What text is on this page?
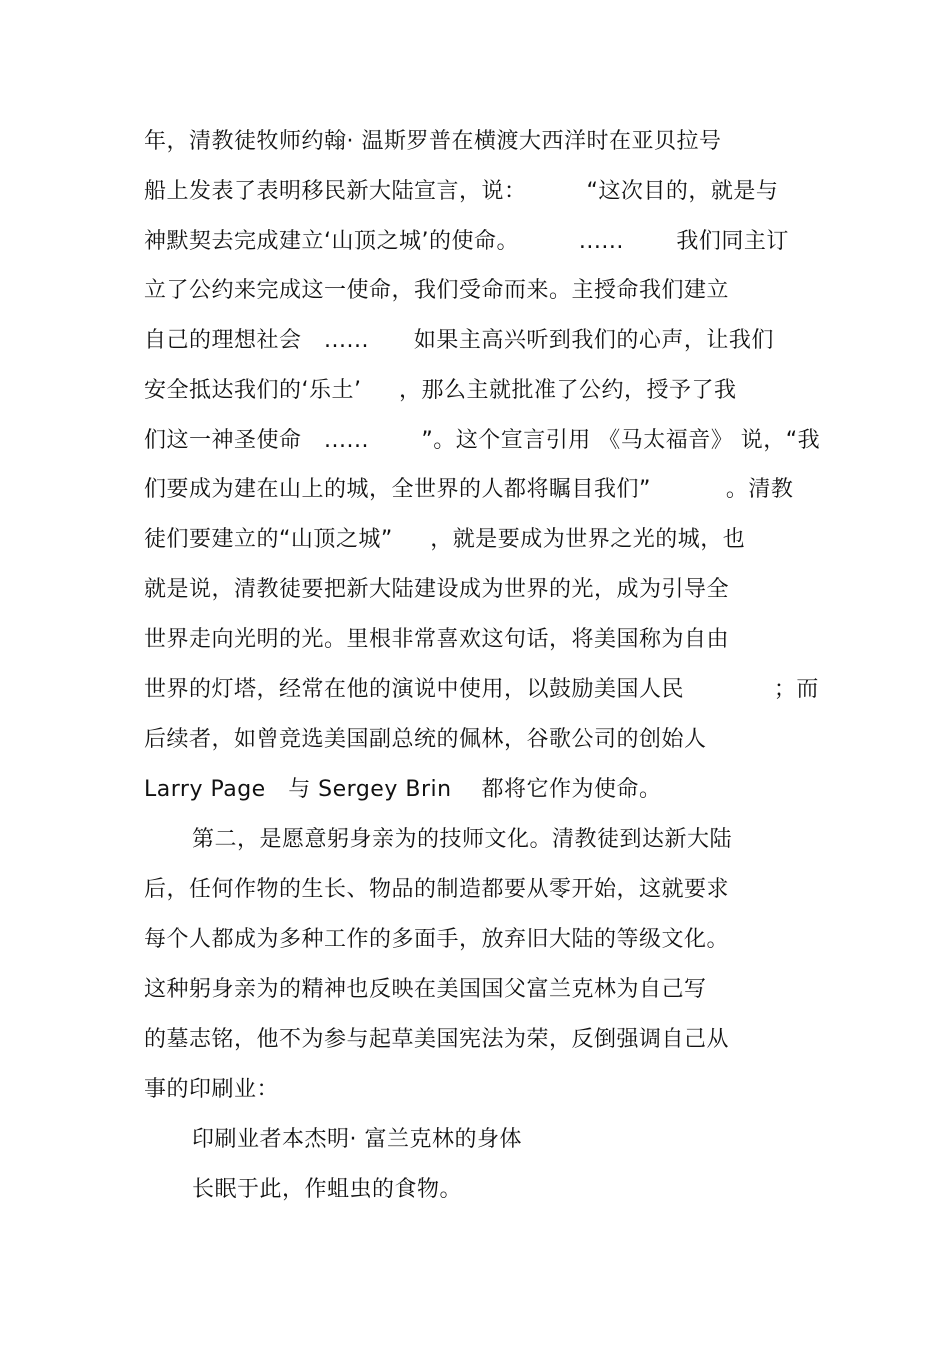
年，清教徒牧师约翰· 温斯罗普在横渡大西洋时在亚贝拉号
船上发表了表明移民新大陆宣言，说：        “这次目的，就是与
神默契去完成建立‘山顶之城’的使命。        ......       我们同主订
立了公约来完成这一使命，我们受命而来。主授命我们建立
自己的理想社会   ......      如果主高兴听到我们的心声，让我们
安全抵达我们的‘乐土’     ，那么主就批准了公约，授予了我
们这一神圣使命   ......       ”。这个宣言引用 《马太福音》 说，“我
们要成为建在山上的城，全世界的人都将瞩目我们”          。清教
徒们要建立的“山顶之城”     ，就是要成为世界之光的城，也
就是说，清教徒要把新大陆建设成为世界的光，成为引导全
世界走向光明的光。里根非常喜欢这句话，将美国称为自由
世界的灯塔，经常在他的演说中使用，以鼓励美国人民            ；而
后续者，如曾竞选美国副总统的佩林，谷歌公司的创始人
Larry Page   与 Sergey Brin    都将它作为使命。
第二，是愿意躬身亲为的技师文化。清教徒到达新大陆
后，任何作物的生长、物品的制造都要从零开始，这就要求
每个人都成为多种工作的多面手，放弃旧大陆的等级文化。
这种躬身亲为的精神也反映在美国国父富兰克林为自己写
的墓志铭，他不为参与起草美国宪法为荣，反倒强调自己从
事的印刷业：
印刷业者本杰明· 富兰克林的身体
长眠于此，作蛆虫的食物。
